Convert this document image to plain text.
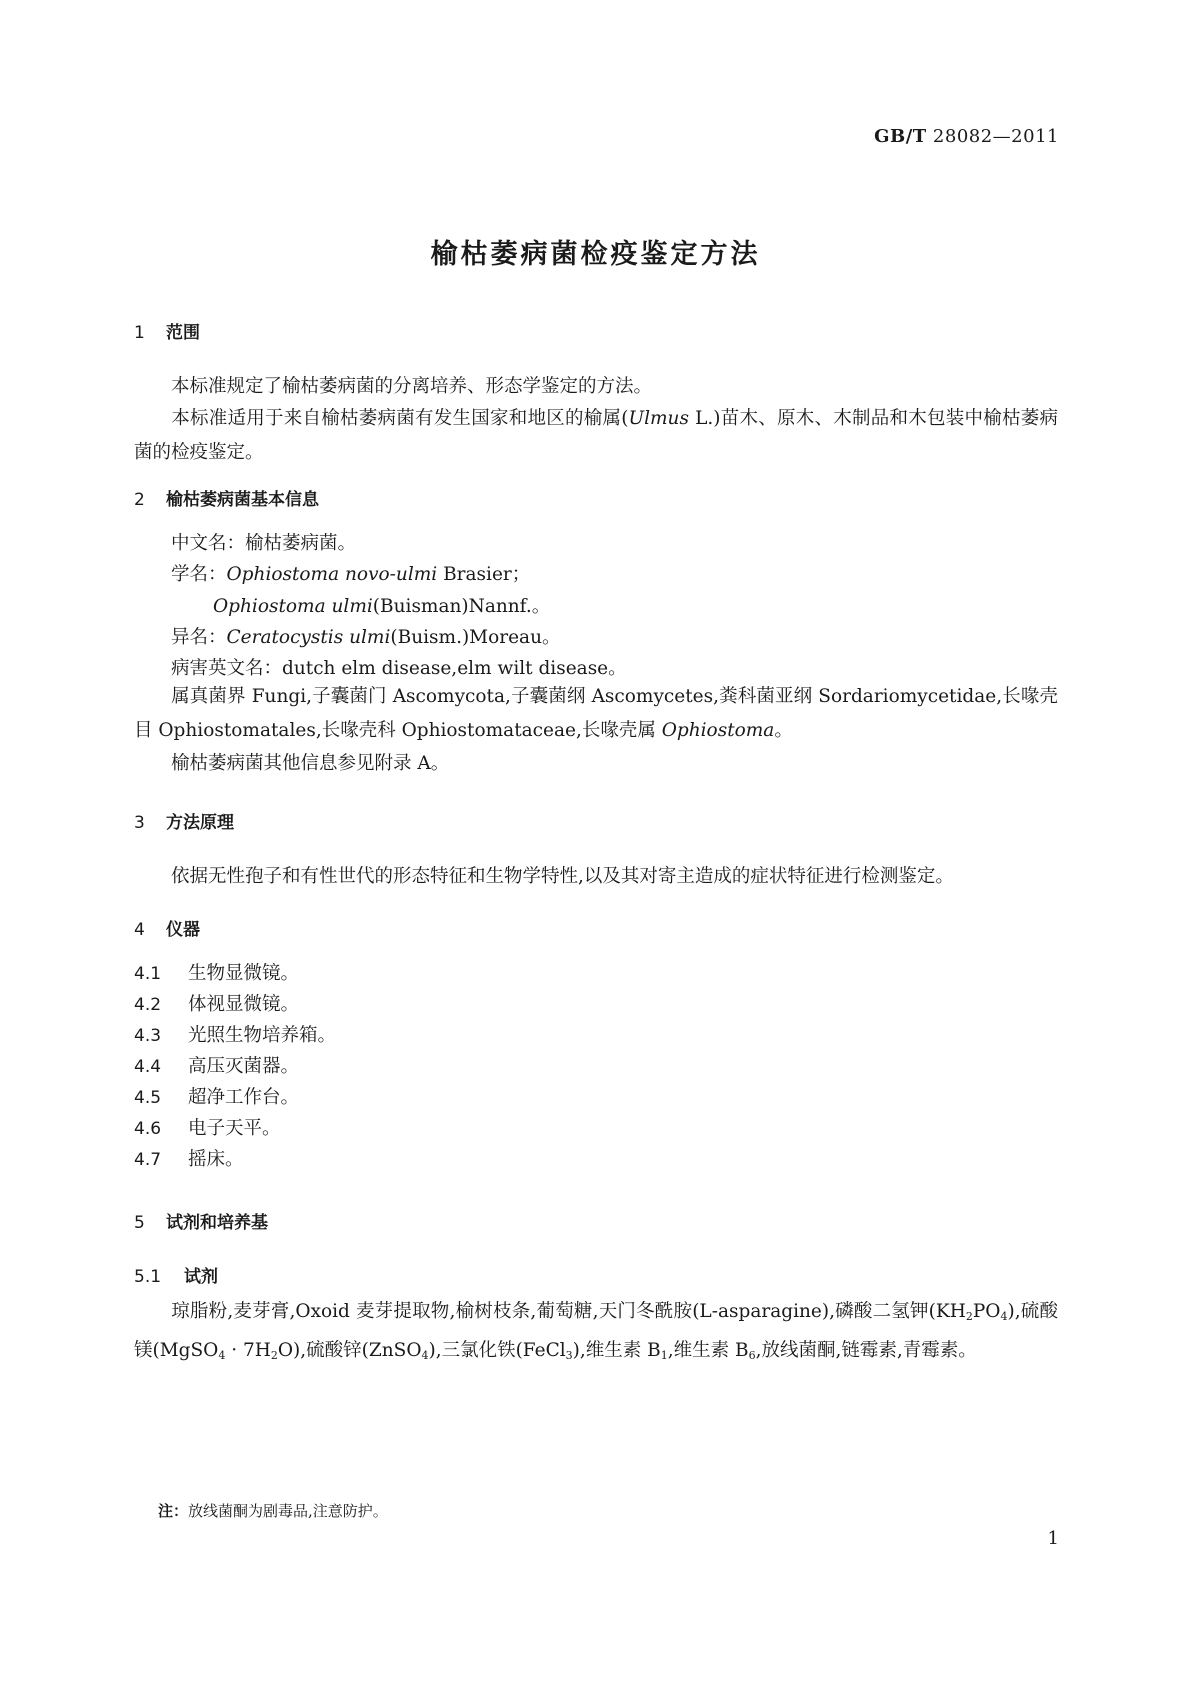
GB/T 28082—2011
榆枯萎病菌检疫鉴定方法
1 范围
本标准规定了榆枯萎病菌的分离培养、形态学鉴定的方法。
本标准适用于来自榆枯萎病菌有发生国家和地区的榆属(Ulmus L.)苗木、原木、木制品和木包装中榆枯萎病菌的检疫鉴定。
2 榆枯萎病菌基本信息
中文名：榆枯萎病菌。
学名：Ophiostoma novo-ulmi Brasier；
Ophiostoma ulmi(Buisman)Nannf.。
异名：Ceratocystis ulmi(Buism.)Moreau。
病害英文名：dutch elm disease,elm wilt disease。
属真菌界 Fungi,子囊菌门 Ascomycota,子囊菌纲 Ascomycetes,粪科菌亚纲 Sordariomycetidae,长喙壳目 Ophiostomatales,长喙壳科 Ophiostomataceae,长喙壳属 Ophiostoma。
榆枯萎病菌其他信息参见附录 A。
3 方法原理
依据无性孢子和有性世代的形态特征和生物学特性,以及其对寄主造成的症状特征进行检测鉴定。
4 仪器
4.1 生物显微镜。
4.2 体视显微镜。
4.3 光照生物培养箱。
4.4 高压灭菌器。
4.5 超净工作台。
4.6 电子天平。
4.7 摇床。
5 试剂和培养基
5.1 试剂
琼脂粉,麦芽膏,Oxoid 麦芽提取物,榆树枝条,葡萄糖,天门冬酰胺(L-asparagine),磷酸二氢钾$(KH_2PO_4)$,硫酸镁(MgSO$_4$ · $7H_2O$),硫酸锌(ZnSO$_4$),三氯化铁(FeCl$_3$),维生素 $B_1$,维生素 $B_6$,放线菌酮,链霉素,青霉素。
注：放线菌酮为剧毒品,注意防护。
1
